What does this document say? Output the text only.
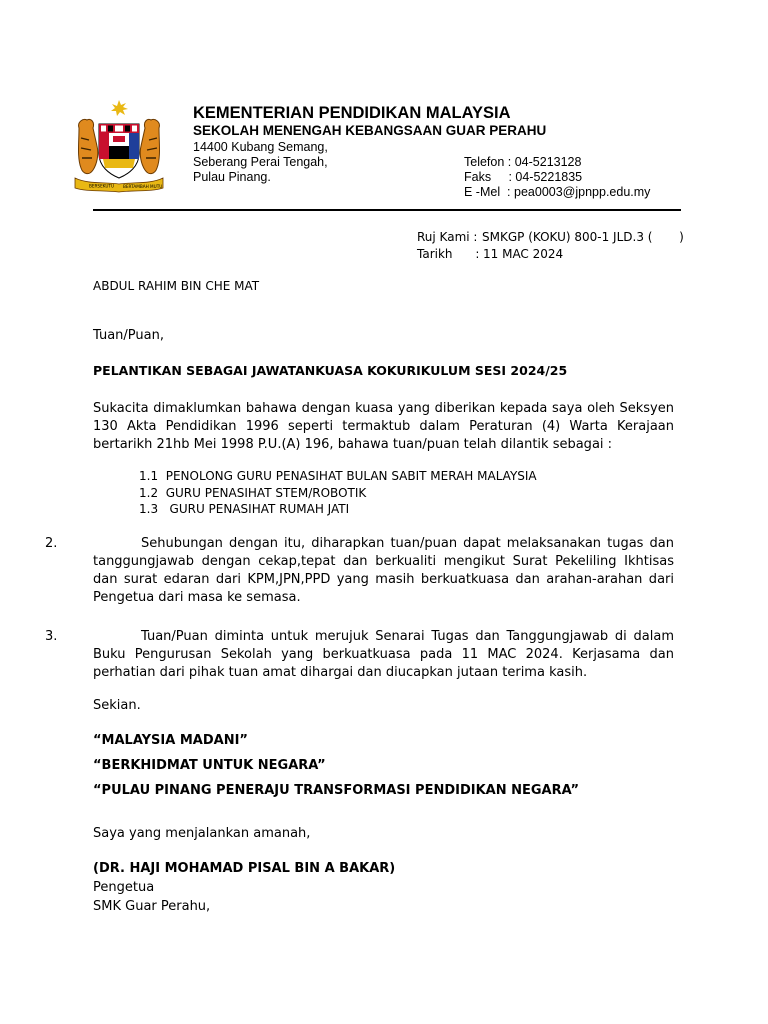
BERSEKUTU BERTAMBAH MUTU
KEMENTERIAN PENDIDIKAN MALAYSIA
SEKOLAH MENENGAH KEBANGSAAN GUAR PERAHU
14400 Kubang Semang,
Seberang Perai Tengah,
Pulau Pinang.
Telefon : 04-5213128
Faks     : 04-5221835
E -Mel  : pea0003@jpnpp.edu.my
Ruj Kami : SMKGP (KOKU) 800-1 JLD.3 (       )
Tarikh      : 11 MAC 2024
ABDUL RAHIM BIN CHE MAT
Tuan/Puan,
PELANTIKAN SEBAGAI JAWATANKUASA KOKURIKULUM SESI 2024/25
Sukacita dimaklumkan bahawa dengan kuasa yang diberikan kepada saya oleh Seksyen 130 Akta Pendidikan 1996 seperti termaktub dalam Peraturan (4) Warta Kerajaan bertarikh 21hb Mei 1998 P.U.(A) 196, bahawa tuan/puan telah dilantik sebagai :
1.1  PENOLONG GURU PENASIHAT BULAN SABIT MERAH MALAYSIA
1.2  GURU PENASIHAT STEM/ROBOTIK
1.3   GURU PENASIHAT RUMAH JATI
2.	Sehubungan dengan itu, diharapkan tuan/puan dapat melaksanakan tugas dan tanggungjawab dengan cekap,tepat dan berkualiti mengikut Surat Pekeliling Ikhtisas dan surat edaran dari KPM,JPN,PPD yang masih berkuatkuasa dan arahan-arahan dari Pengetua dari masa ke semasa.
3.	Tuan/Puan diminta untuk merujuk Senarai Tugas dan Tanggungjawab di dalam Buku Pengurusan Sekolah yang berkuatkuasa pada 11 MAC 2024. Kerjasama dan perhatian dari pihak tuan amat dihargai dan diucapkan jutaan terima kasih.
Sekian.
“MALAYSIA MADANI”
“BERKHIDMAT UNTUK NEGARA”
“PULAU PINANG PENERAJU TRANSFORMASI PENDIDIKAN NEGARA”
Saya yang menjalankan amanah,
(DR. HAJI MOHAMAD PISAL BIN A BAKAR)
Pengetua
SMK Guar Perahu,
